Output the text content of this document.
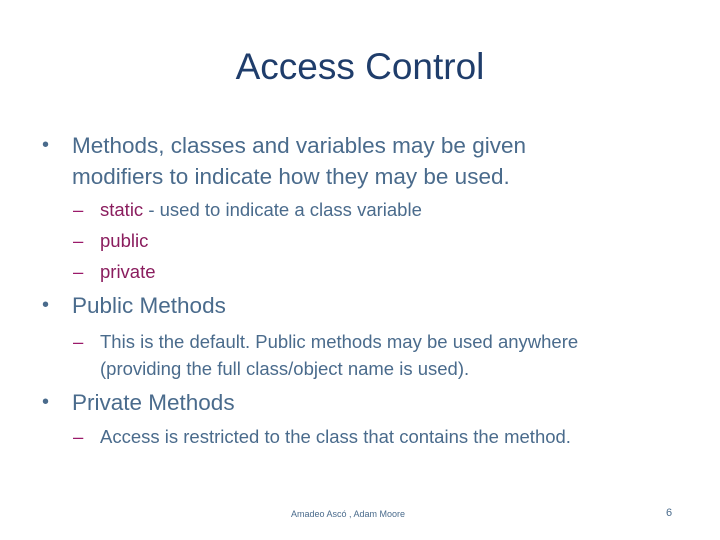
Access Control
• Methods, classes and variables may be given
modifiers to indicate how they may be used.
– static - used to indicate a class variable
– public
– private
• Public Methods
– This is the default. Public methods may be used anywhere
(providing the full class/object name is used).
• Private Methods
– Access is restricted to the class that contains the method.
Amadeo Ascó , Adam Moore	6
